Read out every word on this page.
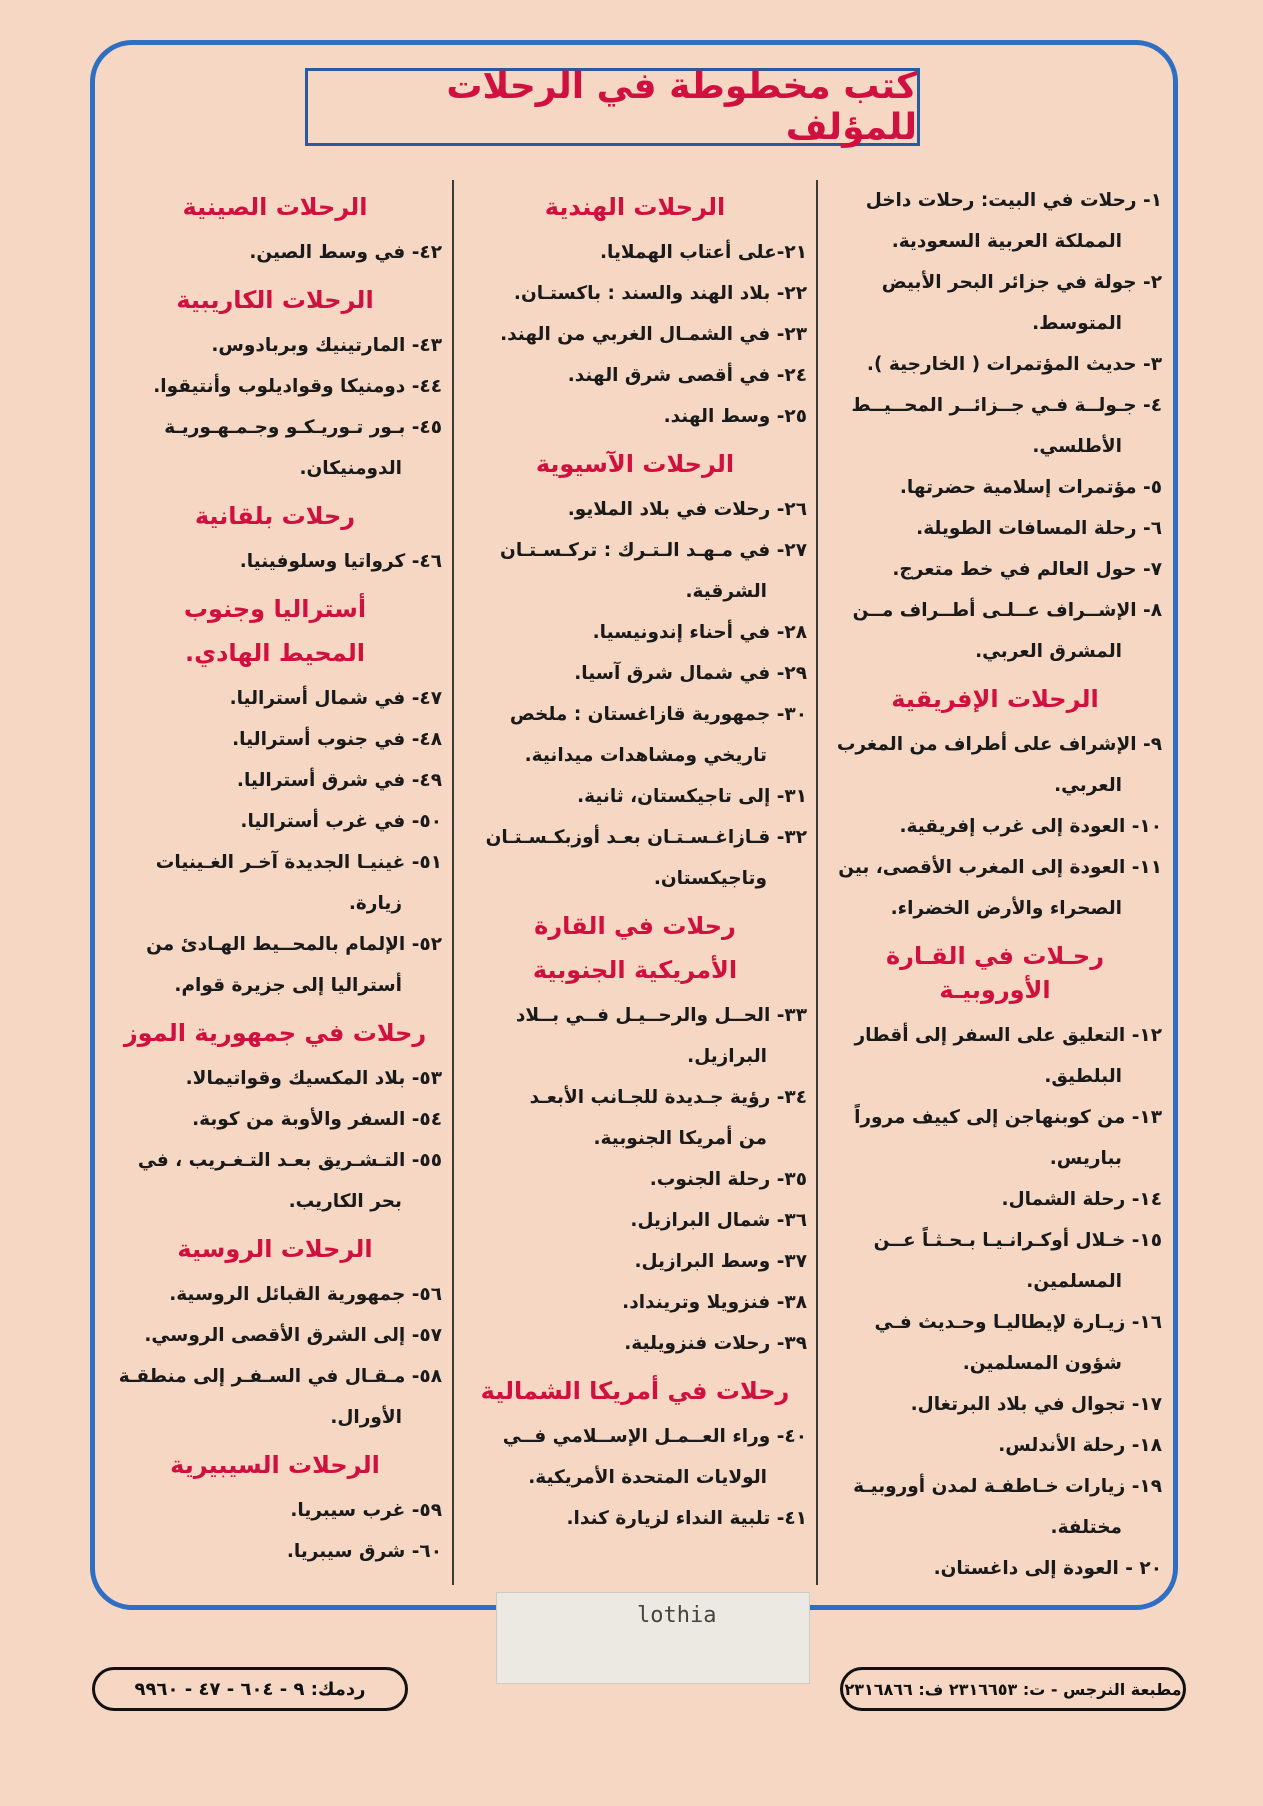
كتب مخطوطة في الرحلات للمؤلف
١- رحلات في البيت: رحلات داخل
المملكة العربية السعودية.
٢- جولة في جزائر البحر الأبيض
المتوسط.
٣- حديث المؤتمرات ( الخارجية ).
٤- جـولــة فـي جــزائــر المحــيــط
الأطلسي.
٥- مؤتمرات إسلامية حضرتها.
٦- رحلة المسافات الطويلة.
٧- حول العالم في خط متعرج.
٨- الإشــراف عــلـى أطــراف مــن
المشرق العربي.
الرحلات الإفريقية
٩- الإشراف على أطراف من المغرب
العربي.
١٠- العودة إلى غرب إفريقية.
١١- العودة إلى المغرب الأقصى، بين
الصحراء والأرض الخضراء.
رحـلات في القـارة الأوروبيـة
١٢- التعليق على السفر إلى أقطار
البلطيق.
١٣- من كوبنهاجن إلى كييف مروراً
بباريس.
١٤- رحلة الشمال.
١٥- خـلال أوكـرانـيـا بـحـثـاً عــن
المسلمين.
١٦- زيـارة لإيطاليـا وحـديث فـي
شؤون المسلمين.
١٧- تجوال في بلاد البرتغال.
١٨- رحلة الأندلس.
١٩- زيارات خـاطفـة لمدن أوروبيـة
مختلفة.
٢٠ - العودة إلى داغستان.
الرحلات الهندية
٢١-على أعتاب الهملايا.
٢٢- بلاد الهند والسند : باكستـان.
٢٣- في الشمـال الغربي من الهند.
٢٤- في أقصى شرق الهند.
٢٥- وسط الهند.
الرحلات الآسيوية
٢٦- رحلات في بلاد الملايو.
٢٧- في مـهـد الـتـرك : تركـسـتـان
الشرقية.
٢٨- في أحناء إندونيسيا.
٢٩- في شمال شرق آسيا.
٣٠- جمهورية قازاغستان : ملخص
تاريخي ومشاهدات ميدانية.
٣١- إلى تاجيكستان، ثانية.
٣٢- قـازاغـسـتـان بعـد أوزبكـسـتـان
وتاجيكستان.
رحلات في القارة
الأمريكية الجنوبية
٣٣- الحــل والرحــيـل فــي بــلاد
البرازيل.
٣٤- رؤية جـديدة للجـانب الأبعـد
من أمريكا الجنوبية.
٣٥- رحلة الجنوب.
٣٦- شمال البرازيل.
٣٧- وسط البرازيل.
٣٨- فنزويلا وترينداد.
٣٩- رحلات فنزويلية.
رحلات في أمريكا الشمالية
٤٠- وراء العــمـل الإســلامي فــي
الولايات المتحدة الأمريكية.
٤١- تلبية النداء لزيارة كندا.
الرحلات الصينية
٤٢- في وسط الصين.
الرحلات الكاريبية
٤٣- المارتينيك وبربادوس.
٤٤- دومنيكا وقواديلوب وأنتيقوا.
٤٥- بـور تـوريـكـو وجـمـهـوريـة
الدومنيكان.
رحلات بلقانية
٤٦- كرواتيا وسلوفينيا.
أستراليا وجنوب
المحيط الهادي.
٤٧- في شمال أستراليا.
٤٨- في جنوب أستراليا.
٤٩- في شرق أستراليا.
٥٠- في غرب أستراليا.
٥١- غينيـا الجديدة آخـر الغـينيات
زيارة.
٥٢- الإلمام بالمحــيط الهـادئ من
أستراليا إلى جزيرة قوام.
رحلات في جمهورية الموز
٥٣- بلاد المكسيك وقواتيمالا.
٥٤- السفر والأوبة من كوبة.
٥٥- التـشـريق بعـد التـغـريب ، في
بحر الكاريب.
الرحلات الروسية
٥٦- جمهورية القبائل الروسية.
٥٧- إلى الشرق الأقصى الروسي.
٥٨- مـقـال في السـفـر إلى منطقـة
الأورال.
الرحلات السيبيرية
٥٩- غرب سيبريا.
٦٠- شرق سيبريا.
lothia
ردمك: ٩ - ٦٠٤ - ٤٧ - ٩٩٦٠	مطبعة النرجس - ت: ٢٣١٦٦٥٣ ف: ٢٣١٦٨٦٦
